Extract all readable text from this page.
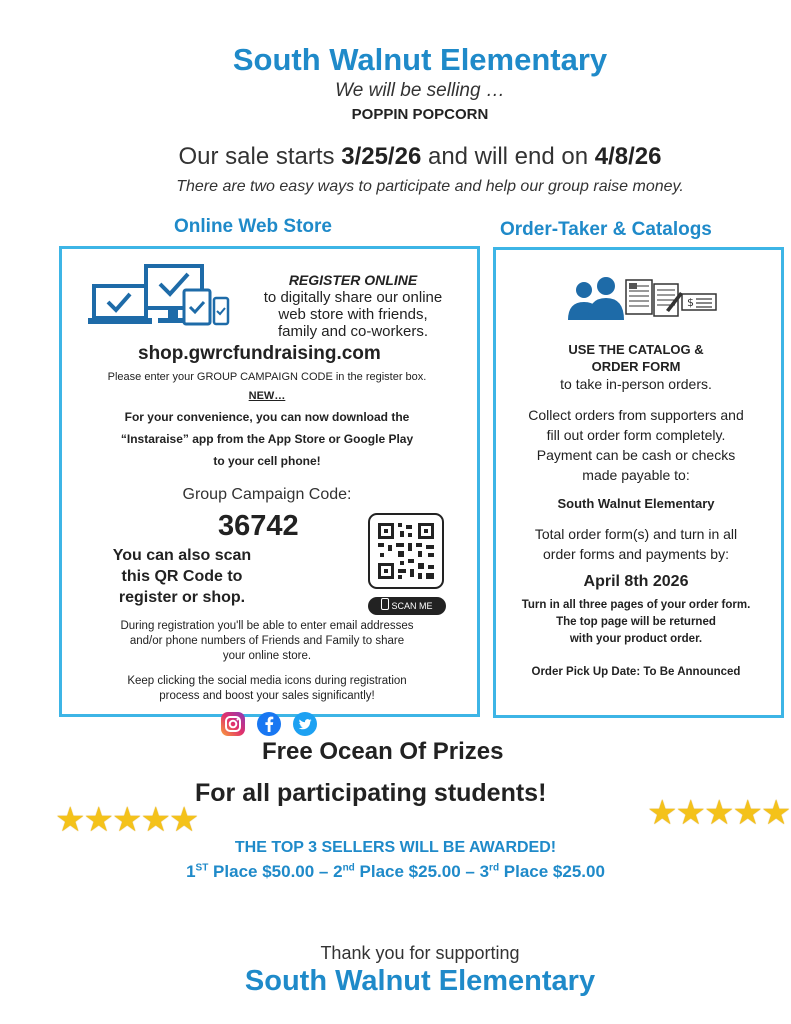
South Walnut Elementary
We will be selling …
POPPIN POPCORN
Our sale starts 3/25/26 and will end on 4/8/26
There are two easy ways to participate and help our group raise money.
Online Web Store	Order-Taker & Catalogs
REGISTER ONLINE
to digitally share our online
web store with friends,
family and co-workers.
shop.gwrcfundraising.com
Please enter your GROUP CAMPAIGN CODE in the register box.
NEW…
For your convenience, you can now download the
“Instaraise” app from the App Store or Google Play
to your cell phone!
Group Campaign Code:
36742
You can also scan
this QR Code to
register or shop.	SCAN ME
During registration you'll be able to enter email addresses
and/or phone numbers of Friends and Family to share
your online store.
Keep clicking the social media icons during registration
process and boost your sales significantly!
$
USE THE CATALOG &
ORDER FORM
to take in-person orders.
Collect orders from supporters and
fill out order form completely.
Payment can be cash or checks
made payable to:
South Walnut Elementary
Total order form(s) and turn in all
order forms and payments by:
April 8th 2026
Turn in all three pages of your order form.
The top page will be returned
with your product order.
Order Pick Up Date: To Be Announced
Free Ocean Of Prizes
For all participating students!
★★★★★	★★★★★
THE TOP 3 SELLERS WILL BE AWARDED!
1ST Place $50.00 – 2nd Place $25.00 – 3rd Place $25.00
Thank you for supporting
South Walnut Elementary
